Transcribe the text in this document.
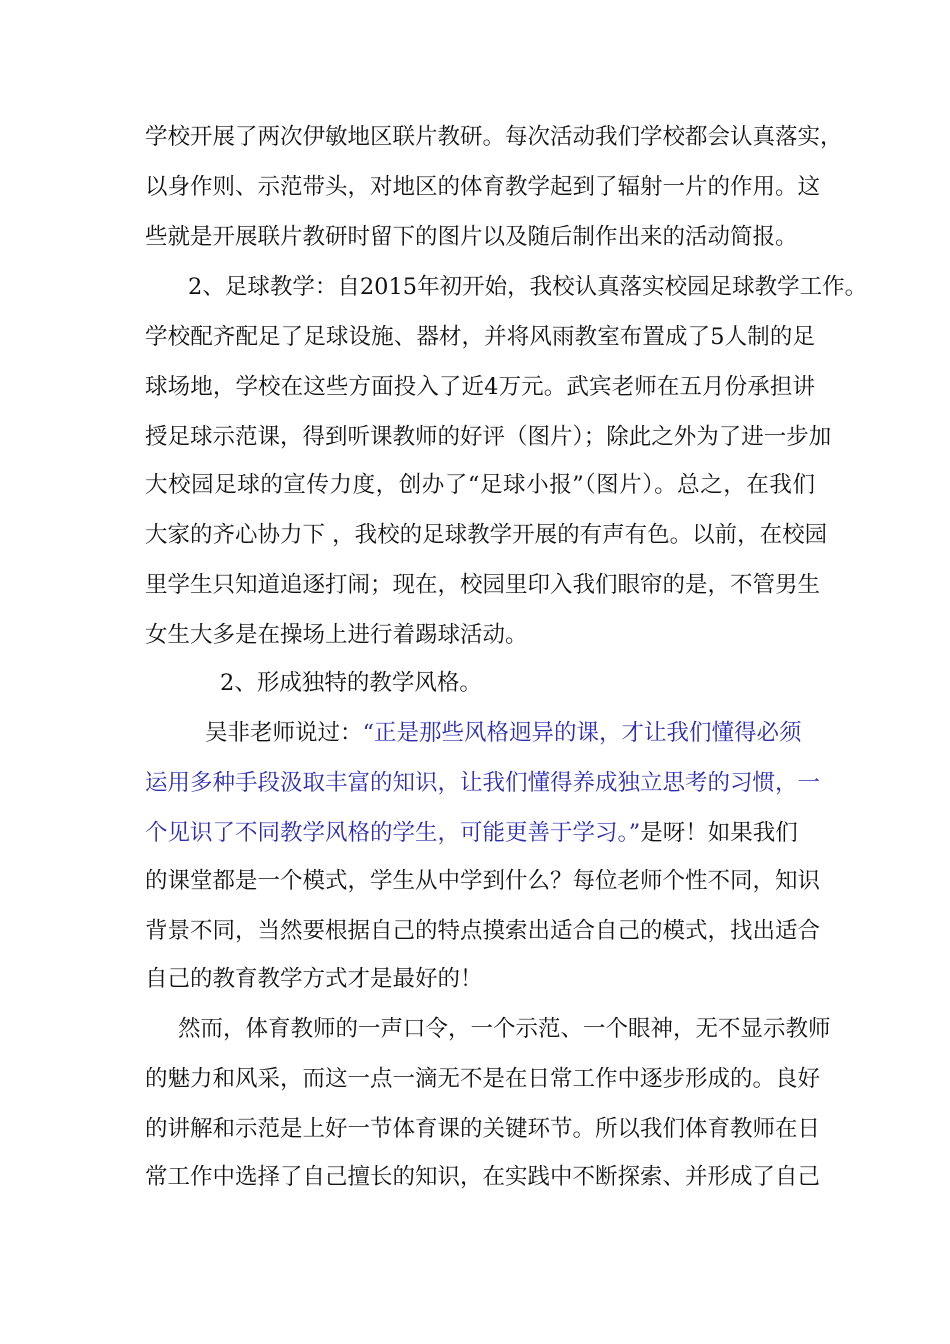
学校开展了两次伊敏地区联片教研。每次活动我们学校都会认真落实，
以身作则、示范带头，对地区的体育教学起到了辐射一片的作用。这
些就是开展联片教研时留下的图片以及随后制作出来的活动简报。
2、足球教学：自2015年初开始，我校认真落实校园足球教学工作。
学校配齐配足了足球设施、器材，并将风雨教室布置成了5人制的足
球场地，学校在这些方面投入了近4万元。武宾老师在五月份承担讲
授足球示范课，得到听课教师的好评（图片）；除此之外为了进一步加
大校园足球的宣传力度，创办了“足球小报”（图片）。总之，在我们
大家的齐心协力下 ，我校的足球教学开展的有声有色。以前，在校园
里学生只知道追逐打闹；现在，校园里印入我们眼帘的是，不管男生
女生大多是在操场上进行着踢球活动。
2、形成独特的教学风格。
吴非老师说过：“正是那些风格迥异的课，才让我们懂得必须
运用多种手段汲取丰富的知识，让我们懂得养成独立思考的习惯，一
个见识了不同教学风格的学生，可能更善于学习。”是呀！如果我们
的课堂都是一个模式，学生从中学到什么？每位老师个性不同，知识
背景不同，当然要根据自己的特点摸索出适合自己的模式，找出适合
自己的教育教学方式才是最好的！
然而，体育教师的一声口令，一个示范、一个眼神，无不显示教师
的魅力和风采，而这一点一滴无不是在日常工作中逐步形成的。良好
的讲解和示范是上好一节体育课的关键环节。所以我们体育教师在日
常工作中选择了自己擅长的知识，在实践中不断探索、并形成了自己
